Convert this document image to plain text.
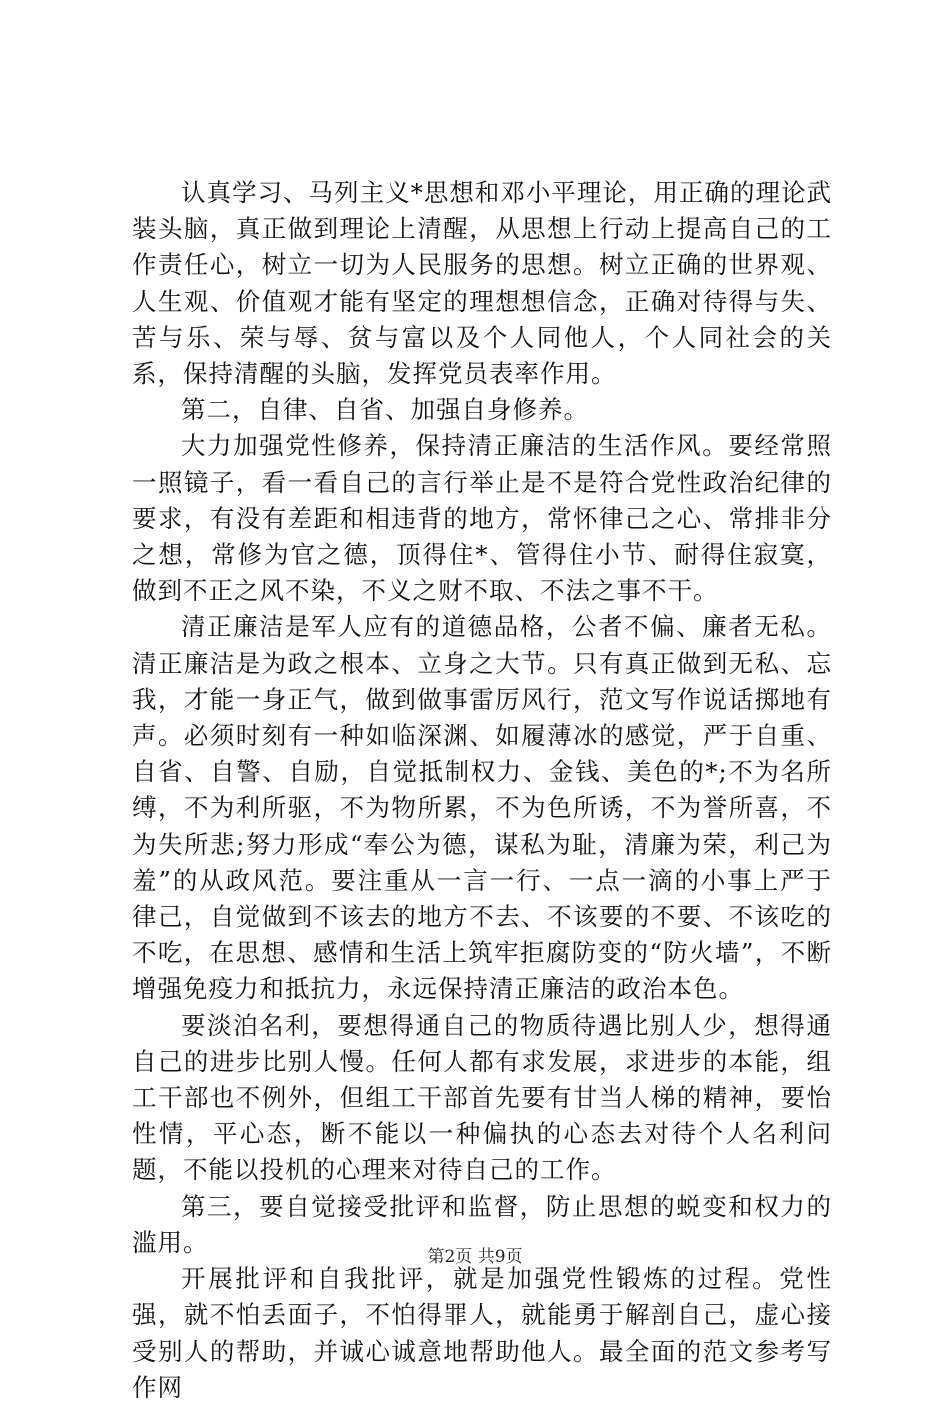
认真学习、马列主义*思想和邓小平理论，用正确的理论武装头脑，真正做到理论上清醒，从思想上行动上提高自己的工作责任心，树立一切为人民服务的思想。树立正确的世界观、人生观、价值观才能有坚定的理想想信念，正确对待得与失、苦与乐、荣与辱、贫与富以及个人同他人，个人同社会的关系，保持清醒的头脑，发挥党员表率作用。

第二，自律、自省、加强自身修养。

大力加强党性修养，保持清正廉洁的生活作风。要经常照一照镜子，看一看自己的言行举止是不是符合党性政治纪律的要求，有没有差距和相违背的地方，常怀律己之心、常排非分之想，常修为官之德，顶得住*、管得住小节、耐得住寂寞，做到不正之风不染，不义之财不取、不法之事不干。

清正廉洁是军人应有的道德品格，公者不偏、廉者无私。清正廉洁是为政之根本、立身之大节。只有真正做到无私、忘我，才能一身正气，做到做事雷厉风行，范文写作说话掷地有声。必须时刻有一种如临深渊、如履薄冰的感觉，严于自重、自省、自警、自励，自觉抵制权力、金钱、美色的*;不为名所缚，不为利所驱，不为物所累，不为色所诱，不为誉所喜，不为失所悲;努力形成“奉公为德，谋私为耻，清廉为荣，利己为羞”的从政风范。要注重从一言一行、一点一滴的小事上严于律己，自觉做到不该去的地方不去、不该要的不要、不该吃的不吃，在思想、感情和生活上筑牢拒腐防变的“防火墙”，不断增强免疫力和抵抗力，永远保持清正廉洁的政治本色。

要淡泊名利，要想得通自己的物质待遇比别人少，想得通自己的进步比别人慢。任何人都有求发展，求进步的本能，组工干部也不例外，但组工干部首先要有甘当人梯的精神，要怡性情，平心态，断不能以一种偏执的心态去对待个人名利问题，不能以投机的心理来对待自己的工作。

第三，要自觉接受批评和监督，防止思想的蜕变和权力的滥用。

开展批评和自我批评，就是加强党性锻炼的过程。党性强，就不怕丢面子，不怕得罪人，就能勇于解剖自己，虚心接受别人的帮助，并诚心诚意地帮助他人。最全面的范文参考写作网

第2页 共9页
